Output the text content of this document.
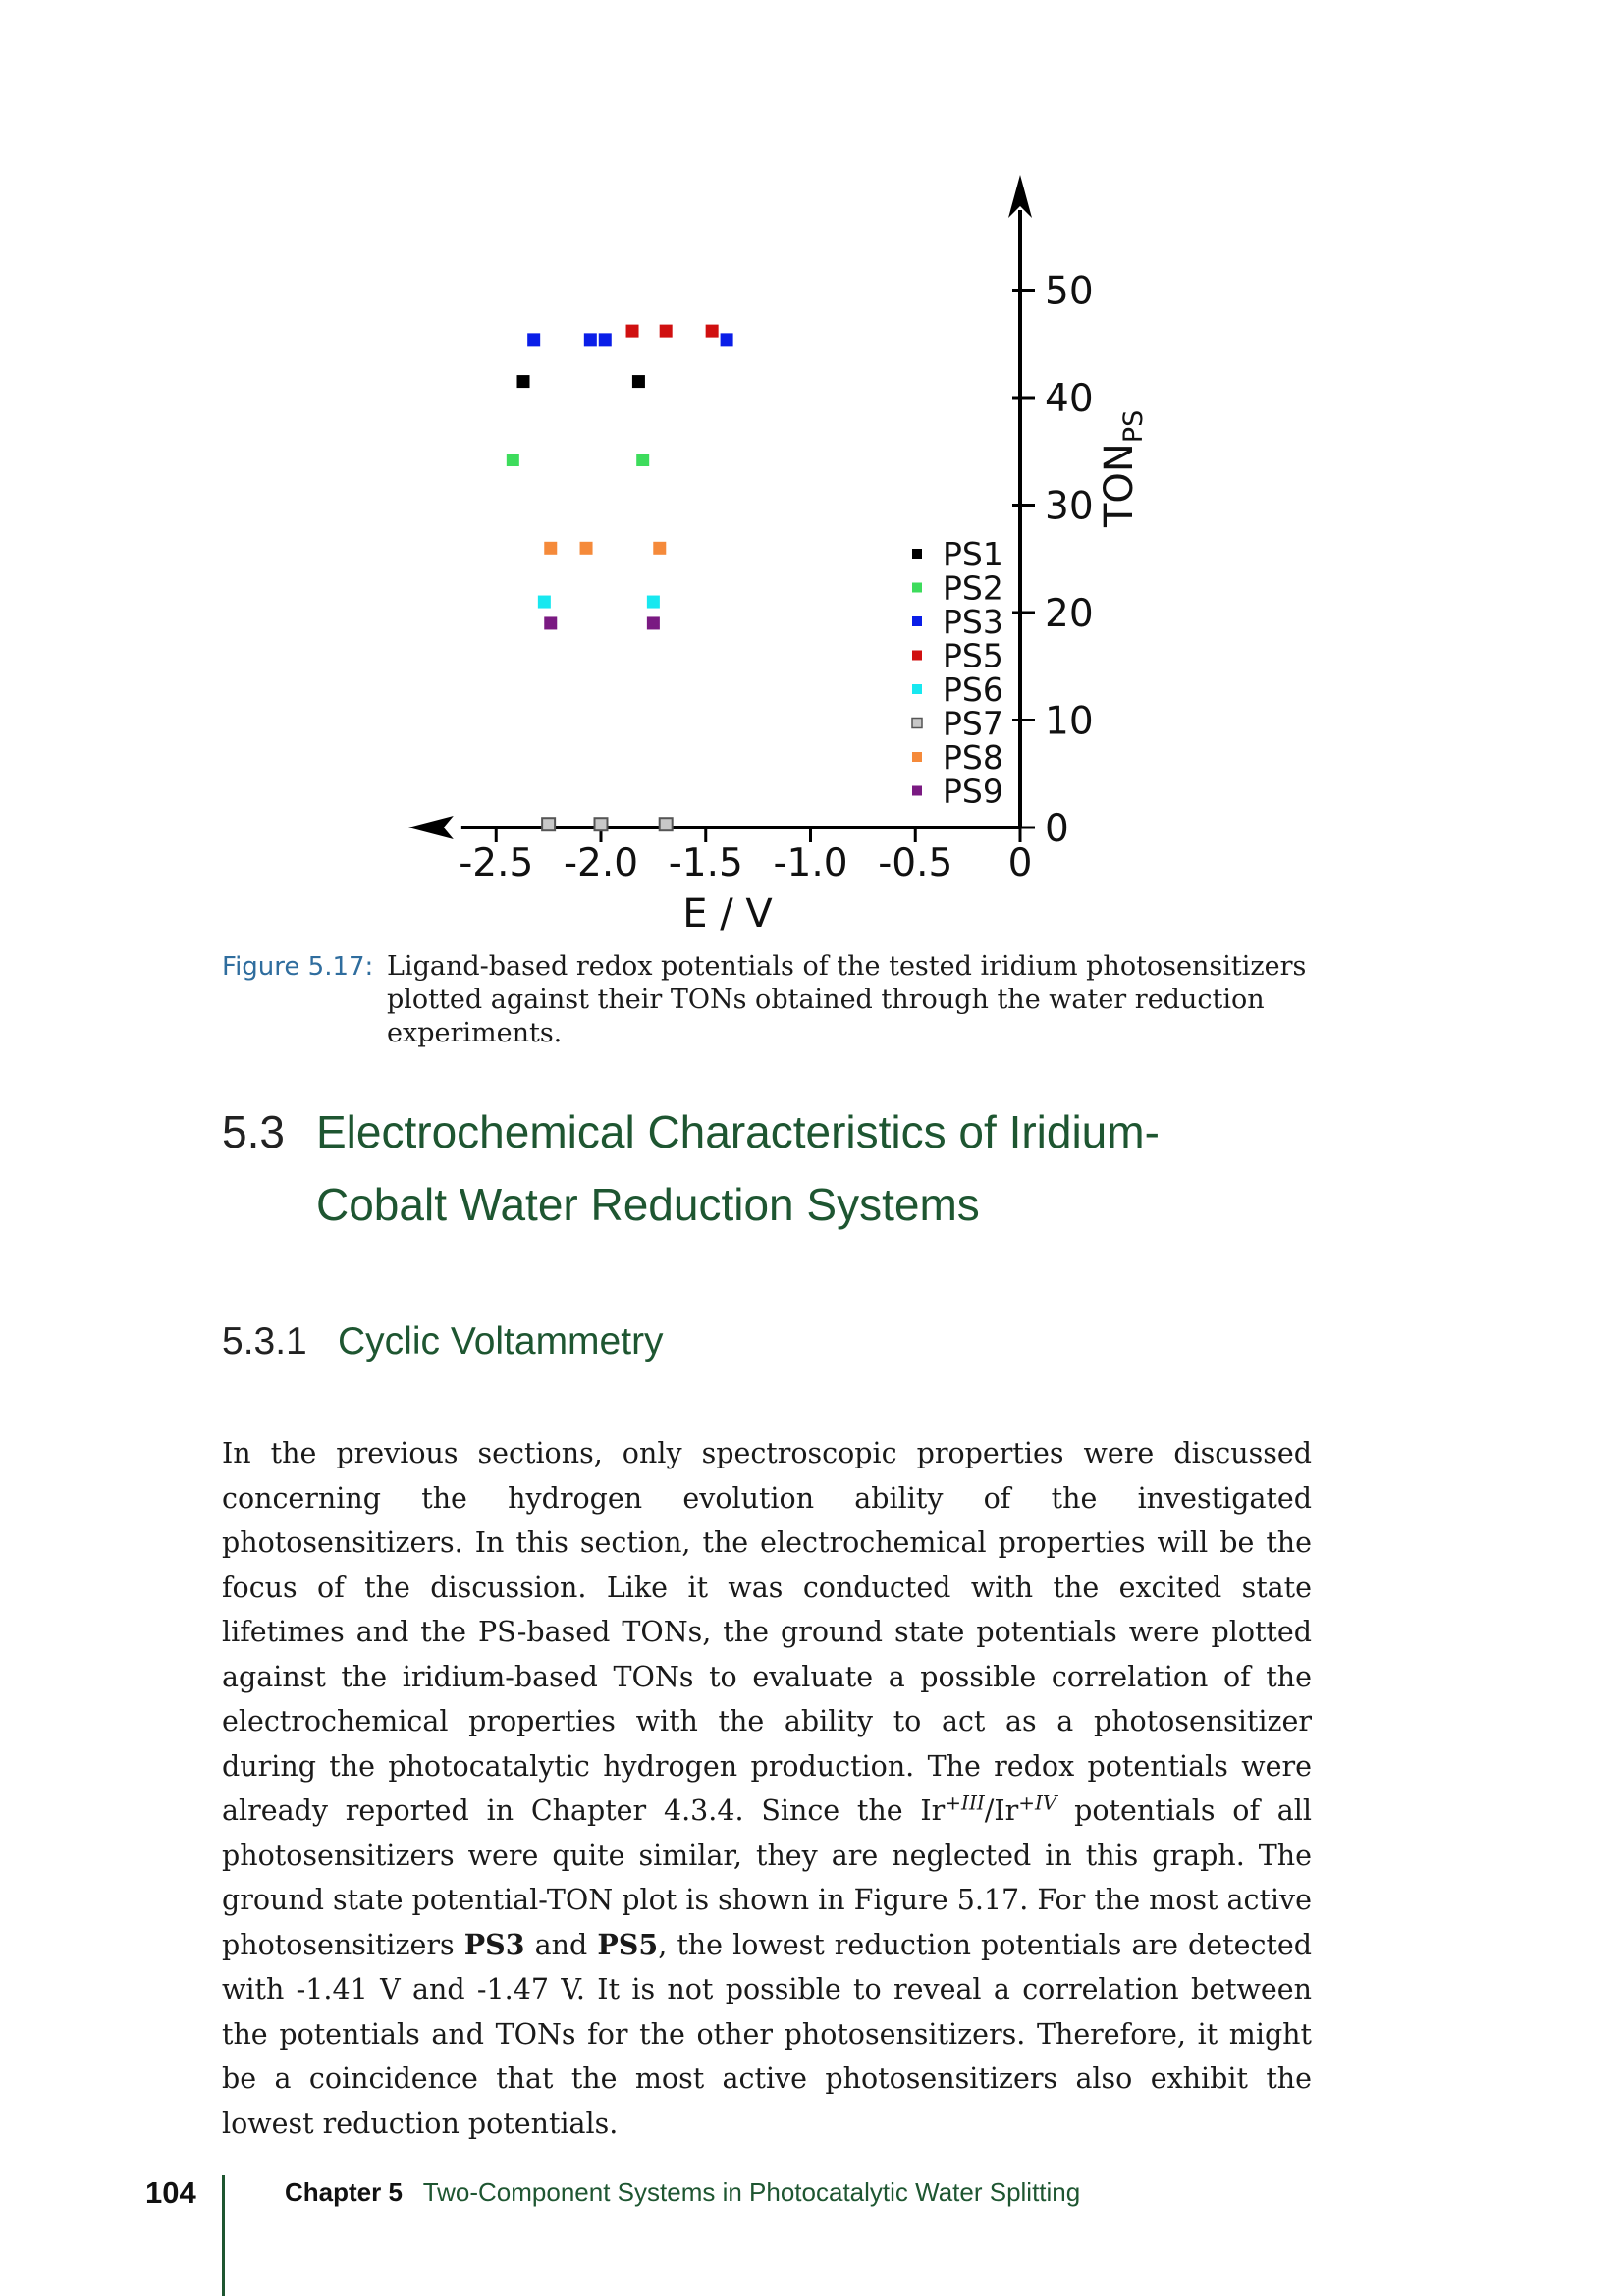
-2.5 -2.0 -1.5 -1.0 -0.5 0
0
10
20
30
40
50
PS1
PS2
PS3
PS5
PS6
PS7
PS8
PS9
E / V
$TON_{PS}$
Figure 5.17: Ligand-based redox potentials of the tested iridium photosensitizers plotted against their TONs obtained through the water reduction experiments.
5.3 Electrochemical Characteristics of Iridium-Cobalt Water Reduction Systems
5.3.1 Cyclic Voltammetry
In the previous sections, only spectroscopic properties were discussed concerning the hydrogen evolution ability of the investigated photosensitizers. In this section, the electrochemical properties will be the focus of the discussion. Like it was conducted with the excited state lifetimes and the PS-based TONs, the ground state potentials were plotted against the iridium-based TONs to evaluate a possible correlation of the electrochemical properties with the ability to act as a photosensitizer during the photocatalytic hydrogen production. The redox potentials were already reported in Chapter 4.3.4. Since the $Ir^{+III}/Ir^{+IV}$ potentials of all photosensitizers were quite similar, they are neglected in this graph. The ground state potential-TON plot is shown in Figure 5.17. For the most active photosensitizers PS3 and PS5, the lowest reduction potentials are detected with -1.41 V and -1.47 V. It is not possible to reveal a correlation between the potentials and TONs for the other photosensitizers. Therefore, it might be a coincidence that the most active photosensitizers also exhibit the lowest reduction potentials.
104	Chapter 5 Two-Component Systems in Photocatalytic Water Splitting
